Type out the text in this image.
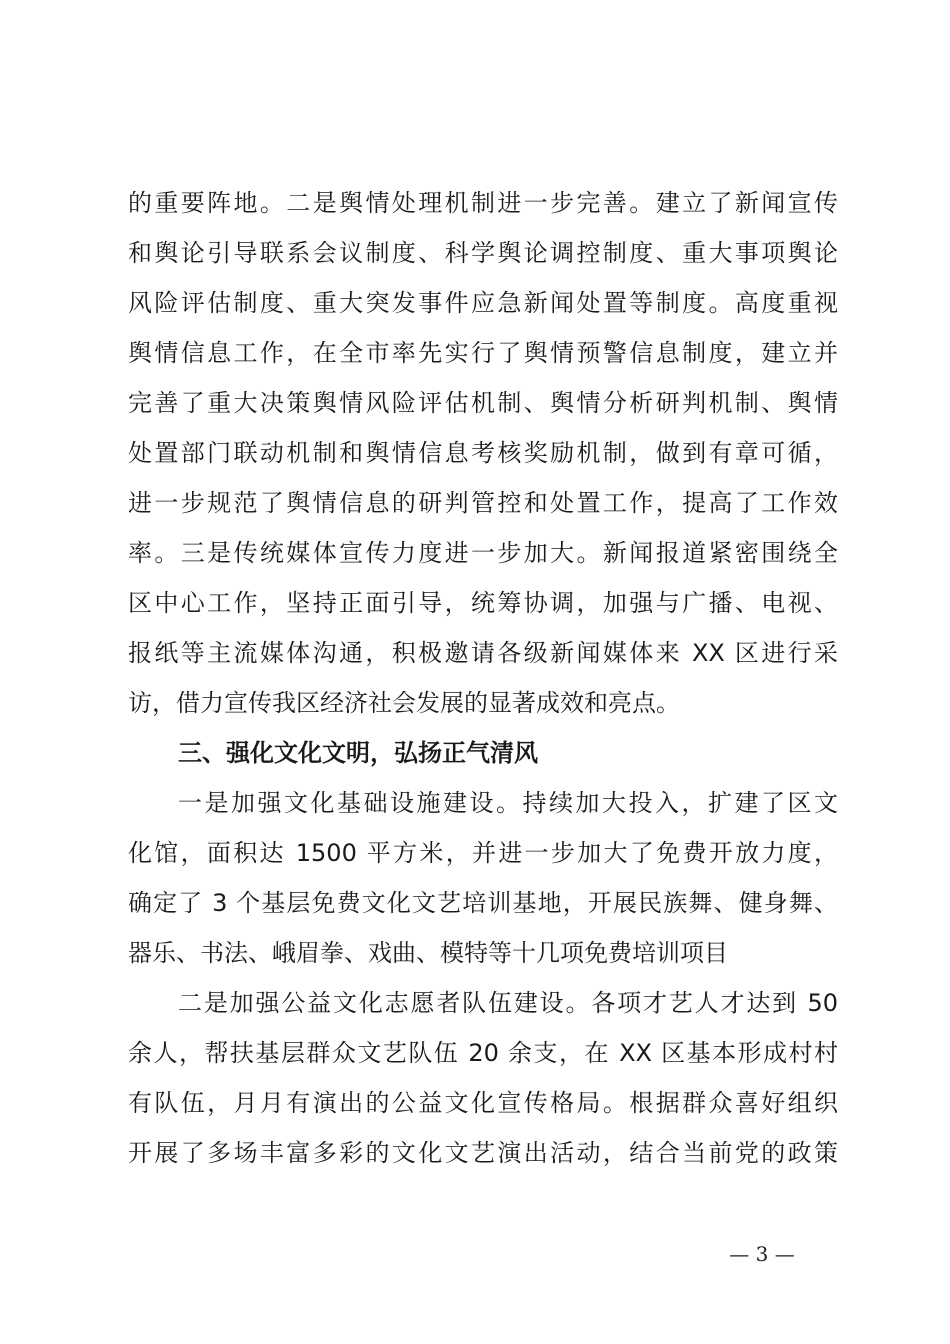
的重要阵地。二是舆情处理机制进一步完善。建立了新闻宣传
和舆论引导联系会议制度、科学舆论调控制度、重大事项舆论
风险评估制度、重大突发事件应急新闻处置等制度。高度重视
舆情信息工作，在全市率先实行了舆情预警信息制度，建立并
完善了重大决策舆情风险评估机制、舆情分析研判机制、舆情
处置部门联动机制和舆情信息考核奖励机制，做到有章可循，
进一步规范了舆情信息的研判管控和处置工作，提高了工作效
率。三是传统媒体宣传力度进一步加大。新闻报道紧密围绕全
区中心工作，坚持正面引导，统筹协调，加强与广播、电视、
报纸等主流媒体沟通，积极邀请各级新闻媒体来 XX 区进行采
访，借力宣传我区经济社会发展的显著成效和亮点。
三、强化文化文明，弘扬正气清风
一是加强文化基础设施建设。持续加大投入，扩建了区文
化馆，面积达 1500 平方米，并进一步加大了免费开放力度，
确定了 3 个基层免费文化文艺培训基地，开展民族舞、健身舞、
器乐、书法、峨眉拳、戏曲、模特等十几项免费培训项目
二是加强公益文化志愿者队伍建设。各项才艺人才达到 50
余人，帮扶基层群众文艺队伍 20 余支，在 XX 区基本形成村村
有队伍，月月有演出的公益文化宣传格局。根据群众喜好组织
开展了多场丰富多彩的文化文艺演出活动，结合当前党的政策
— 3 —
